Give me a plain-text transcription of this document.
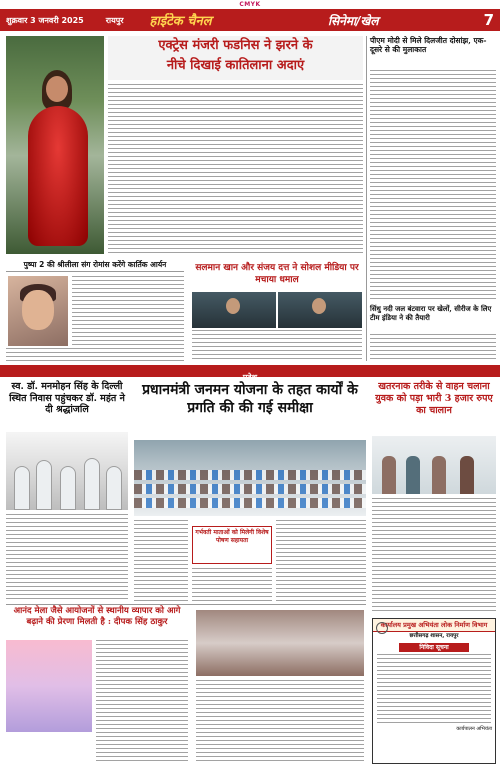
CMYK
शुक्रवार 3 जनवरी 2025	रायपुर हाईटेक चैनल	सिनेमा/खेल	7
एक्ट्रेस मंजरी फडनिस ने झरने के
नीचे दिखाई कातिलाना अदाएं
पीएम मोदी से मिले दिलजीत दोसांझ, एक-दूसरे से की मुलाकात
सिंधु नदी जल बंटवारा पर खेलों, सीरीज के लिए टीम इंडिया ने की तैयारी
पुष्पा 2 की श्रीलीला संग रोमांस करेंगे कार्तिक आर्यन	सलमान खान और संजय दत्त ने सोशल मीडिया पर मचाया धमाल
प्रदेश
स्व. डॉ. मनमोहन सिंह के दिल्ली स्थित निवास पहुंचकर डॉ. महंत ने दी श्रद्धांजलि
प्रधानमंत्री जनमन योजना के तहत कार्यों के प्रगति की की गई समीक्षा
गर्भवती माताओं को मिलेगी विशेष पोषण सहायता
खतरनाक तरीके से वाहन चलाना युवक को पड़ा भारी 3 हजार रुपए का चालान
आनंद मेला जैसे आयोजनों से स्थानीय व्यापार को आगे बढ़ाने की प्रेरणा मिलती है : दीपक सिंह ठाकुर	कार्यालय प्रमुख अभियंता लोक निर्माण विभाग
छत्तीसगढ़ शासन, रायपुर
निविदा सूचना
कार्यपालन अभियंता
